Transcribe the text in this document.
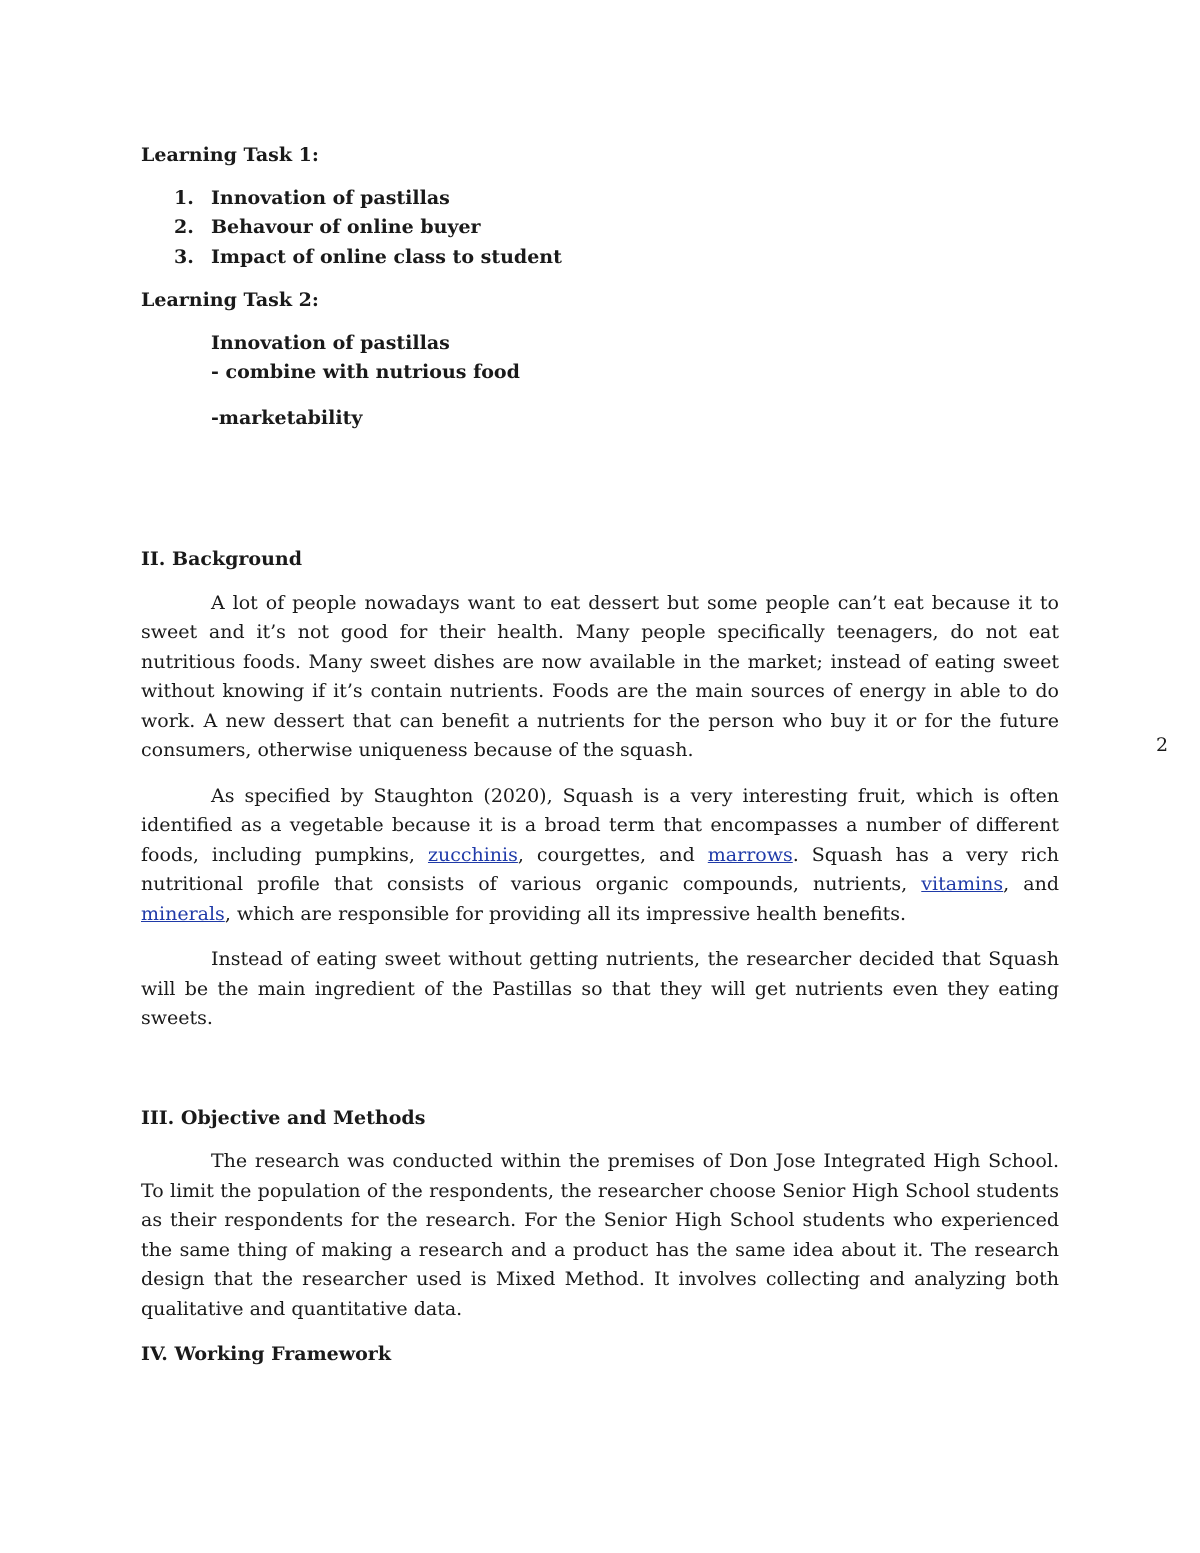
Learning Task 1:

1. Innovation of pastillas
2. Behavour of online buyer
3. Impact of online class to student

Learning Task 2:

Innovation of pastillas
- combine with nutrious food
-marketability

II. Background

A lot of people nowadays want to eat dessert but some people can’t eat because it to sweet and it’s not good for their health. Many people specifically teenagers, do not eat nutritious foods. Many sweet dishes are now available in the market; instead of eating sweet without knowing if it’s contain nutrients. Foods are the main sources of energy in able to do work. A new dessert that can benefit a nutrients for the person who buy it or for the future consumers, otherwise uniqueness because of the squash.

As specified by Staughton (2020), Squash is a very interesting fruit, which is often identified as a vegetable because it is a broad term that encompasses a number of different foods, including pumpkins, zucchinis, courgettes, and marrows. Squash has a very rich nutritional profile that consists of various organic compounds, nutrients, vitamins, and minerals, which are responsible for providing all its impressive health benefits.

Instead of eating sweet without getting nutrients, the researcher decided that Squash will be the main ingredient of the Pastillas so that they will get nutrients even they eating sweets.

III. Objective and Methods

The research was conducted within the premises of Don Jose Integrated High School. To limit the population of the respondents, the researcher choose Senior High School students as their respondents for the research. For the Senior High School students who experienced the same thing of making a research and a product has the same idea about it. The research design that the researcher used is Mixed Method. It involves collecting and analyzing both qualitative and quantitative data.

IV. Working Framework

2
